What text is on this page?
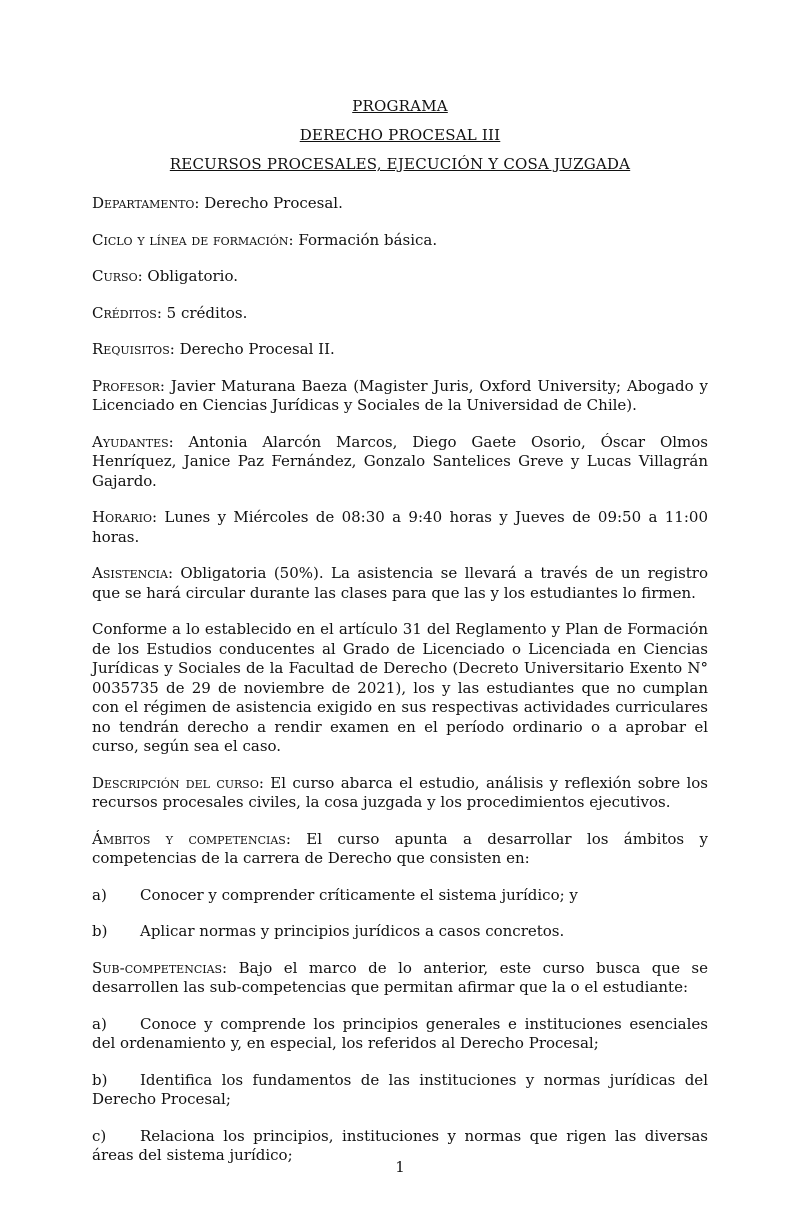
PROGRAMA
DERECHO PROCESAL III
RECURSOS PROCESALES, EJECUCIÓN Y COSA JUZGADA

Departamento: Derecho Procesal.

Ciclo y línea de formación: Formación básica.

Curso: Obligatorio.

Créditos: 5 créditos.

Requisitos: Derecho Procesal II.

Profesor: Javier Maturana Baeza (Magister Juris, Oxford University; Abogado y Licenciado en Ciencias Jurídicas y Sociales de la Universidad de Chile).

Ayudantes: Antonia Alarcón Marcos, Diego Gaete Osorio, Óscar Olmos Henríquez, Janice Paz Fernández, Gonzalo Santelices Greve y Lucas Villagrán Gajardo.

Horario: Lunes y Miércoles de 08:30 a 9:40 horas y Jueves de 09:50 a 11:00 horas.

Asistencia: Obligatoria (50%). La asistencia se llevará a través de un registro que se hará circular durante las clases para que las y los estudiantes lo firmen.

Conforme a lo establecido en el artículo 31 del Reglamento y Plan de Formación de los Estudios conducentes al Grado de Licenciado o Licenciada en Ciencias Jurídicas y Sociales de la Facultad de Derecho (Decreto Universitario Exento N° 0035735 de 29 de noviembre de 2021), los y las estudiantes que no cumplan con el régimen de asistencia exigido en sus respectivas actividades curriculares no tendrán derecho a rendir examen en el período ordinario o a aprobar el curso, según sea el caso.

Descripción del curso: El curso abarca el estudio, análisis y reflexión sobre los recursos procesales civiles, la cosa juzgada y los procedimientos ejecutivos.

Ámbitos y competencias: El curso apunta a desarrollar los ámbitos y competencias de la carrera de Derecho que consisten en:

a)	Conocer y comprender críticamente el sistema jurídico; y
b)	Aplicar normas y principios jurídicos a casos concretos.

Sub-competencias: Bajo el marco de lo anterior, este curso busca que se desarrollen las sub-competencias que permitan afirmar que la o el estudiante:

a) Conoce y comprende los principios generales e instituciones esenciales del ordenamiento y, en especial, los referidos al Derecho Procesal;
b) Identifica los fundamentos de las instituciones y normas jurídicas del Derecho Procesal;
c) Relaciona los principios, instituciones y normas que rigen las diversas áreas del sistema jurídico;
1
